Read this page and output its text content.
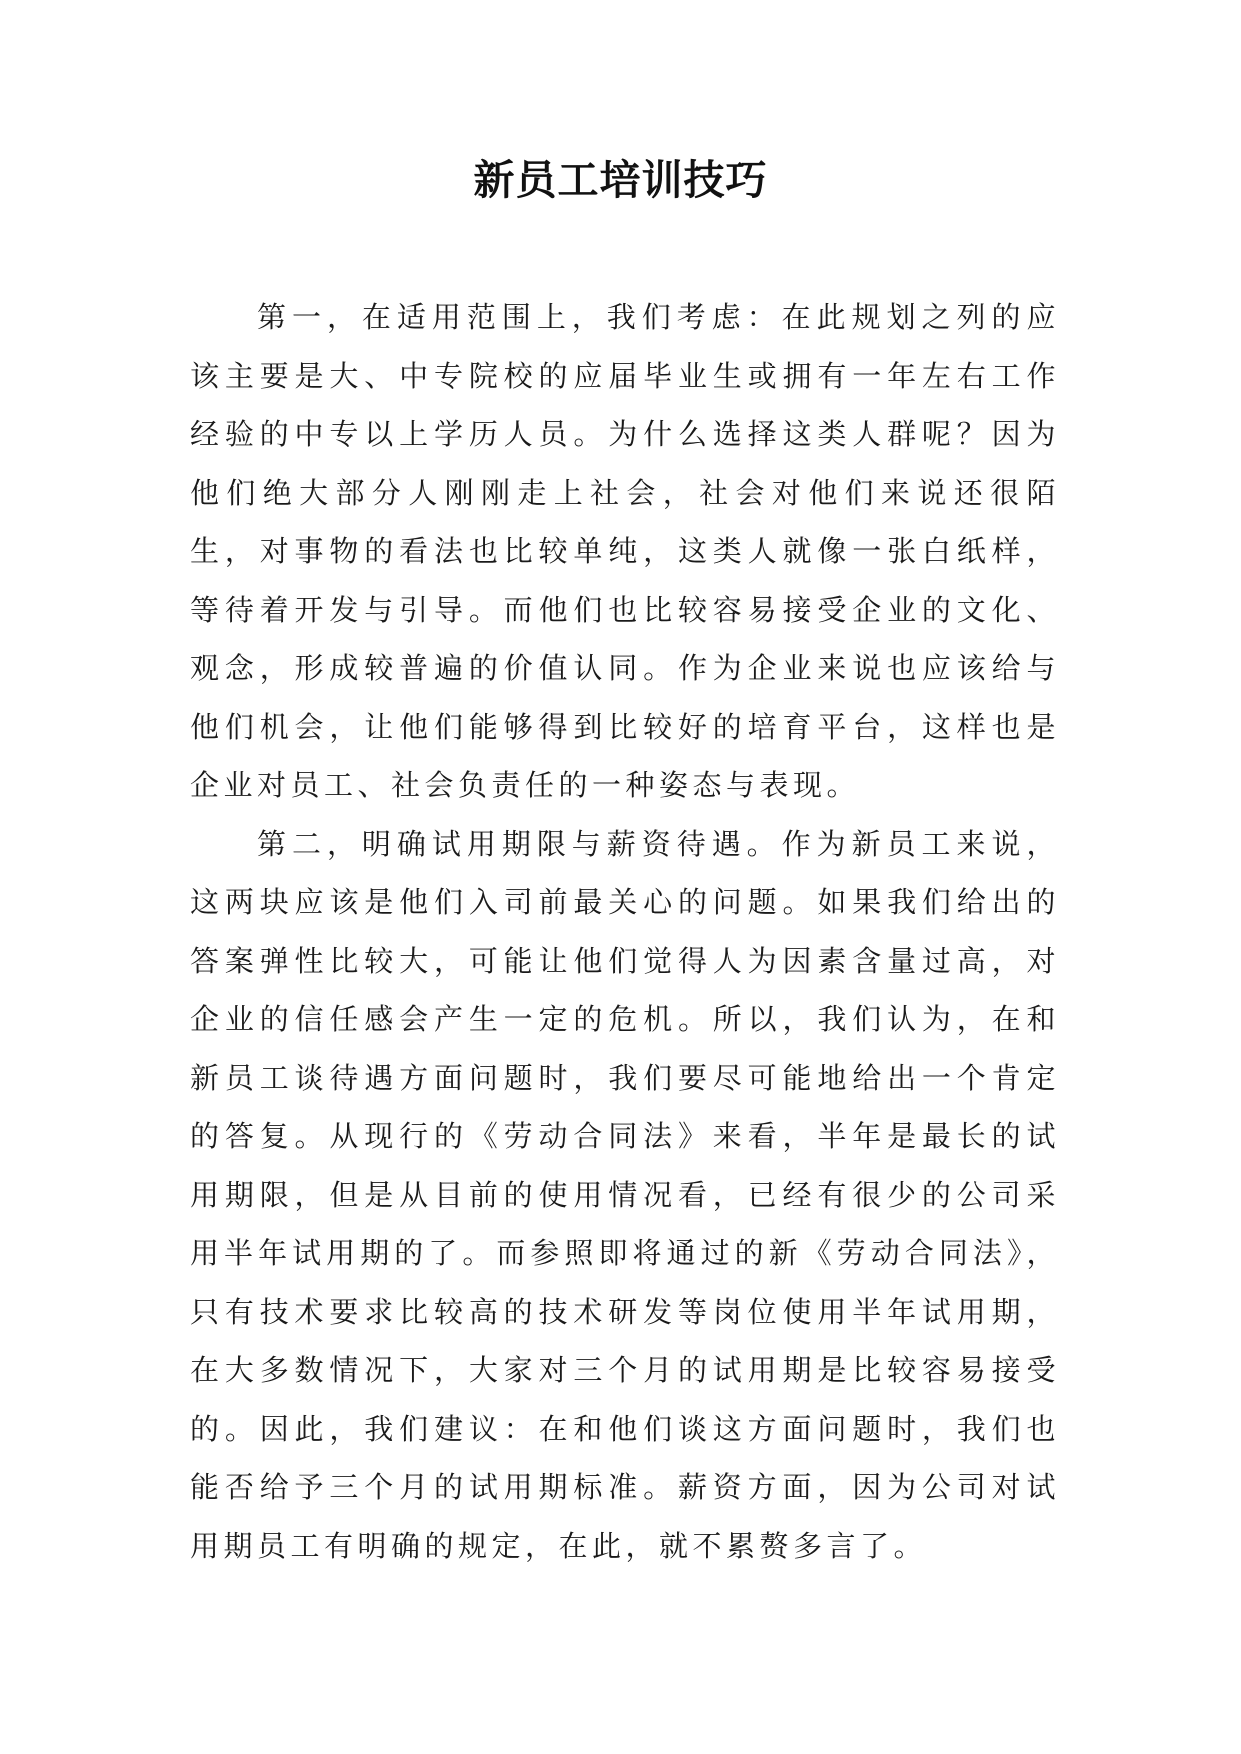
新员工培训技巧

第一，在适用范围上，我们考虑：在此规划之列的应该主要是大、中专院校的应届毕业生或拥有一年左右工作经验的中专以上学历人员。为什么选择这类人群呢？因为他们绝大部分人刚刚走上社会，社会对他们来说还很陌生，对事物的看法也比较单纯，这类人就像一张白纸样，等待着开发与引导。而他们也比较容易接受企业的文化、观念，形成较普遍的价值认同。作为企业来说也应该给与他们机会，让他们能够得到比较好的培育平台，这样也是企业对员工、社会负责任的一种姿态与表现。

第二，明确试用期限与薪资待遇。作为新员工来说，这两块应该是他们入司前最关心的问题。如果我们给出的答案弹性比较大，可能让他们觉得人为因素含量过高，对企业的信任感会产生一定的危机。所以，我们认为，在和新员工谈待遇方面问题时，我们要尽可能地给出一个肯定的答复。从现行的《劳动合同法》来看，半年是最长的试用期限，但是从目前的使用情况看，已经有很少的公司采用半年试用期的了。而参照即将通过的新《劳动合同法》，只有技术要求比较高的技术研发等岗位使用半年试用期，在大多数情况下，大家对三个月的试用期是比较容易接受的。因此，我们建议：在和他们谈这方面问题时，我们也能否给予三个月的试用期标准。薪资方面，因为公司对试用期员工有明确的规定，在此，就不累赘多言了。
